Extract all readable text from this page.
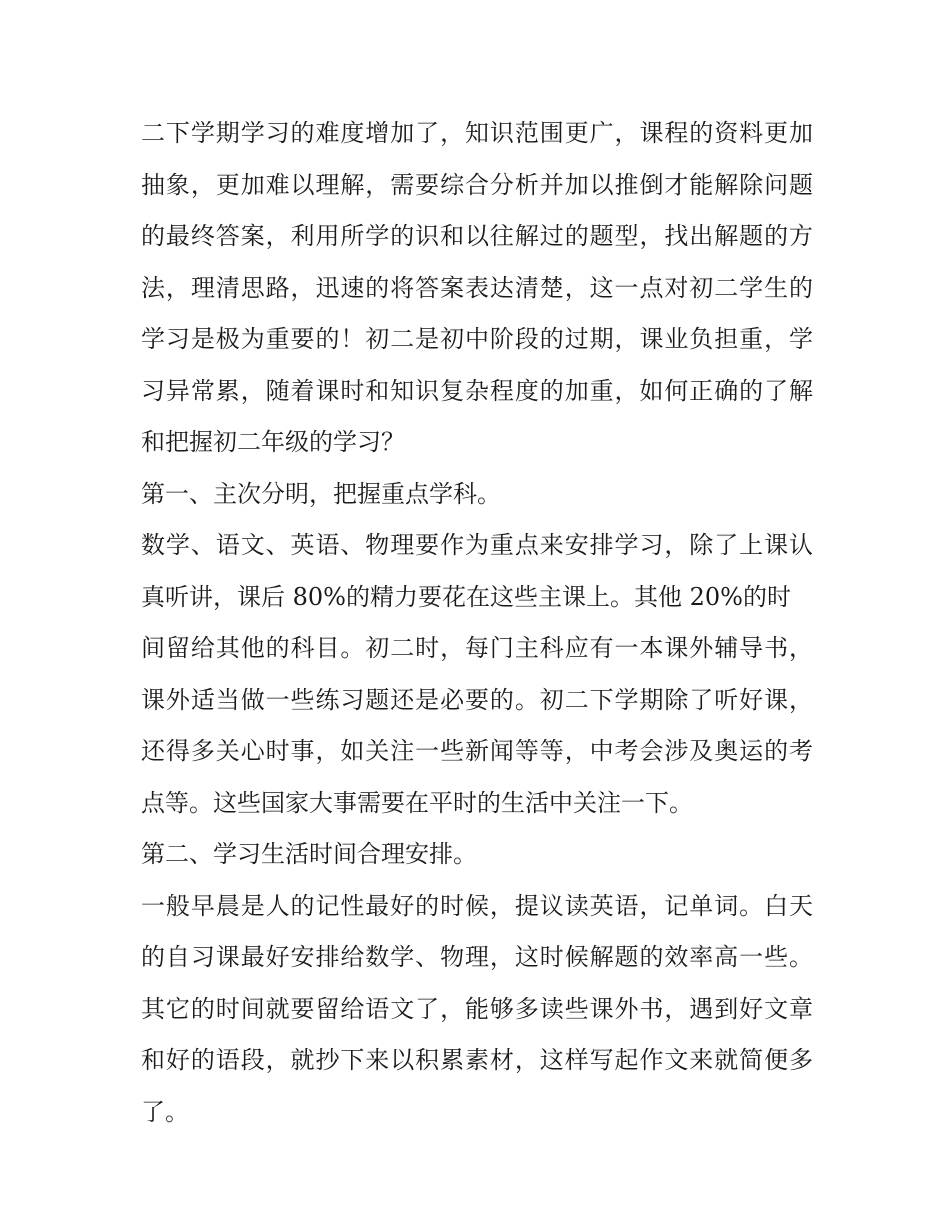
二下学期学习的难度增加了，知识范围更广，课程的资料更加
抽象，更加难以理解，需要综合分析并加以推倒才能解除问题
的最终答案，利用所学的识和以往解过的题型，找出解题的方
法，理清思路，迅速的将答案表达清楚，这一点对初二学生的
学习是极为重要的！初二是初中阶段的过期，课业负担重，学
习异常累，随着课时和知识复杂程度的加重，如何正确的了解
和把握初二年级的学习？
第一、主次分明，把握重点学科。
数学、语文、英语、物理要作为重点来安排学习，除了上课认
真听讲，课后 80%的精力要花在这些主课上。其他 20%的时
间留给其他的科目。初二时，每门主科应有一本课外辅导书，
课外适当做一些练习题还是必要的。初二下学期除了听好课，
还得多关心时事，如关注一些新闻等等，中考会涉及奥运的考
点等。这些国家大事需要在平时的生活中关注一下。
第二、学习生活时间合理安排。
一般早晨是人的记性最好的时候，提议读英语，记单词。白天
的自习课最好安排给数学、物理，这时候解题的效率高一些。
其它的时间就要留给语文了，能够多读些课外书，遇到好文章
和好的语段，就抄下来以积累素材，这样写起作文来就简便多
了。
